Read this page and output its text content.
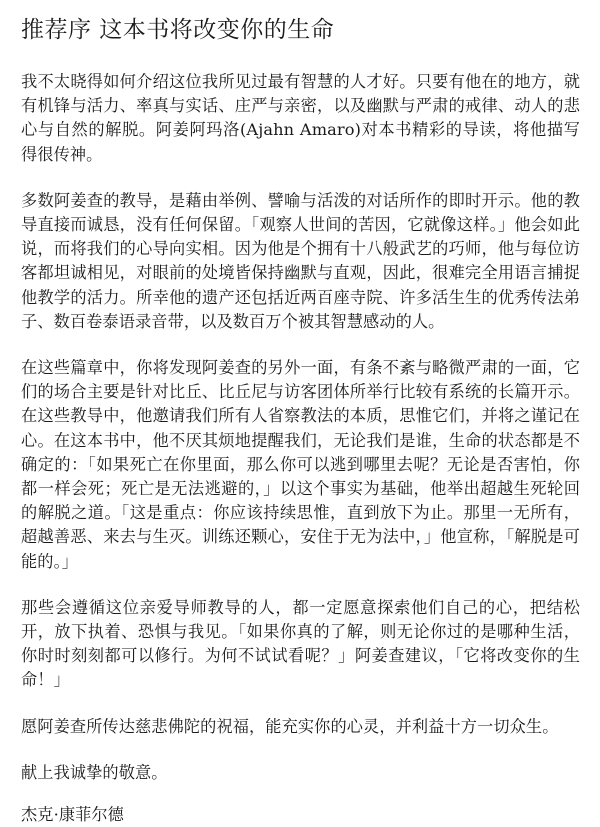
推荐序 这本书将改变你的生命

我不太晓得如何介绍这位我所见过最有智慧的人才好。只要有他在的地方，就有机锋与活力、率真与实话、庄严与亲密，以及幽默与严肃的戒律、动人的悲心与自然的解脱。阿姜阿玛洛(Ajahn Amaro)对本书精彩的导读，将他描写得很传神。

多数阿姜查的教导，是藉由举例、譬喻与活泼的对话所作的即时开示。他的教导直接而诚恳，没有任何保留。「观察人世间的苦因，它就像这样。」他会如此说，而将我们的心导向实相。因为他是个拥有十八般武艺的巧师，他与每位访客都坦诚相见，对眼前的处境皆保持幽默与直观，因此，很难完全用语言捕捉他教学的活力。所幸他的遗产还包括近两百座寺院、许多活生生的优秀传法弟子、数百卷泰语录音带，以及数百万个被其智慧感动的人。

在这些篇章中，你将发现阿姜查的另外一面，有条不紊与略微严肃的一面，它们的场合主要是针对比丘、比丘尼与访客团体所举行比较有系统的长篇开示。在这些教导中，他邀请我们所有人省察教法的本质，思惟它们，并将之谨记在心。在这本书中，他不厌其烦地提醒我们，无论我们是谁，生命的状态都是不确定的：「如果死亡在你里面，那么你可以逃到哪里去呢？无论是否害怕，你都一样会死；死亡是无法逃避的，」以这个事实为基础，他举出超越生死轮回的解脱之道。「这是重点：你应该持续思惟，直到放下为止。那里一无所有，超越善恶、来去与生灭。训练还颗心，安住于无为法中，」他宣称，「解脱是可能的。」

那些会遵循这位亲爱导师教导的人，都一定愿意探索他们自己的心，把结松开，放下执着、恐惧与我见。「如果你真的了解，则无论你过的是哪种生活，你时时刻刻都可以修行。为何不试试看呢？」阿姜查建议，「它将改变你的生命！」

愿阿姜查所传达慈悲佛陀的祝福，能充实你的心灵，并利益十方一切众生。

献上我诚挚的敬意。

杰克·康菲尔德
